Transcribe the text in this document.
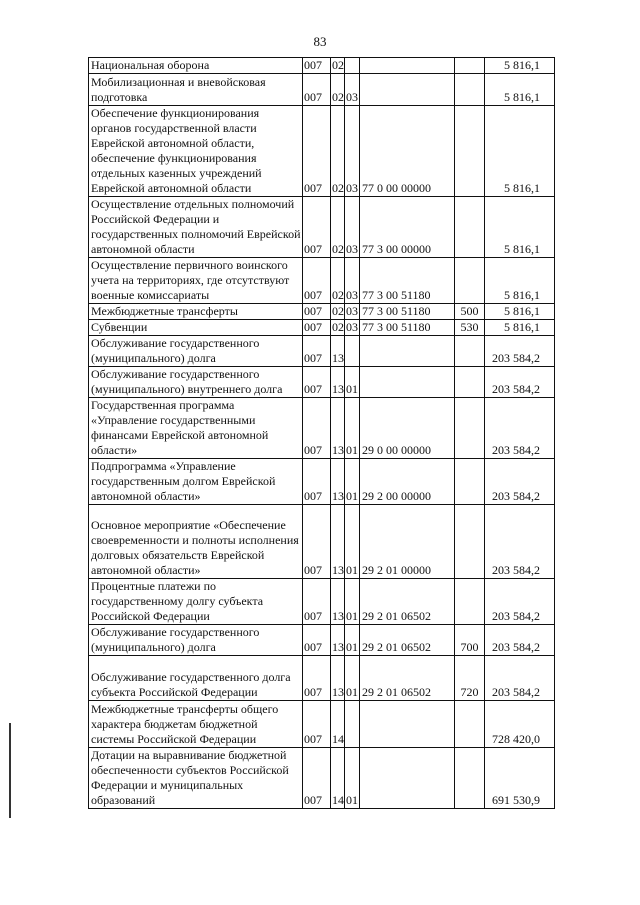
83
Национальная оборона	007	02				5 816,1
Мобилизационная и вневойсковая подготовка	007	02	03			5 816,1
Обеспечение функционирования органов государственной власти Еврейской автономной области, обеспечение функционирования отдельных казенных учреждений Еврейской автономной области	007	02	03	77 0 00 00000		5 816,1
Осуществление отдельных полномочий Российской Федерации и государственных полномочий Еврейской автономной области	007	02	03	77 3 00 00000		5 816,1
Осуществление первичного воинского учета на территориях, где отсутствуют военные комиссариаты	007	02	03	77 3 00 51180		5 816,1
Межбюджетные трансферты	007	02	03	77 3 00 51180	500	5 816,1
Субвенции	007	02	03	77 3 00 51180	530	5 816,1
Обслуживание государственного (муниципального) долга	007	13				203 584,2
Обслуживание государственного (муниципального) внутреннего долга	007	13	01			203 584,2
Государственная программа «Управление государственными финансами Еврейской автономной области»	007	13	01	29 0 00 00000		203 584,2
Подпрограмма «Управление государственным долгом Еврейской автономной области»	007	13	01	29 2 00 00000		203 584,2
Основное мероприятие «Обеспечение своевременности и полноты исполнения долговых обязательств Еврейской автономной области»	007	13	01	29 2 01 00000		203 584,2
Процентные платежи по государственному долгу субъекта Российской Федерации	007	13	01	29 2 01 06502		203 584,2
Обслуживание государственного (муниципального) долга	007	13	01	29 2 01 06502	700	203 584,2
Обслуживание государственного долга субъекта Российской Федерации	007	13	01	29 2 01 06502	720	203 584,2
Межбюджетные трансферты общего характера бюджетам бюджетной системы Российской Федерации	007	14				728 420,0
Дотации на выравнивание бюджетной обеспеченности субъектов Российской Федерации и муниципальных образований	007	14	01			691 530,9
